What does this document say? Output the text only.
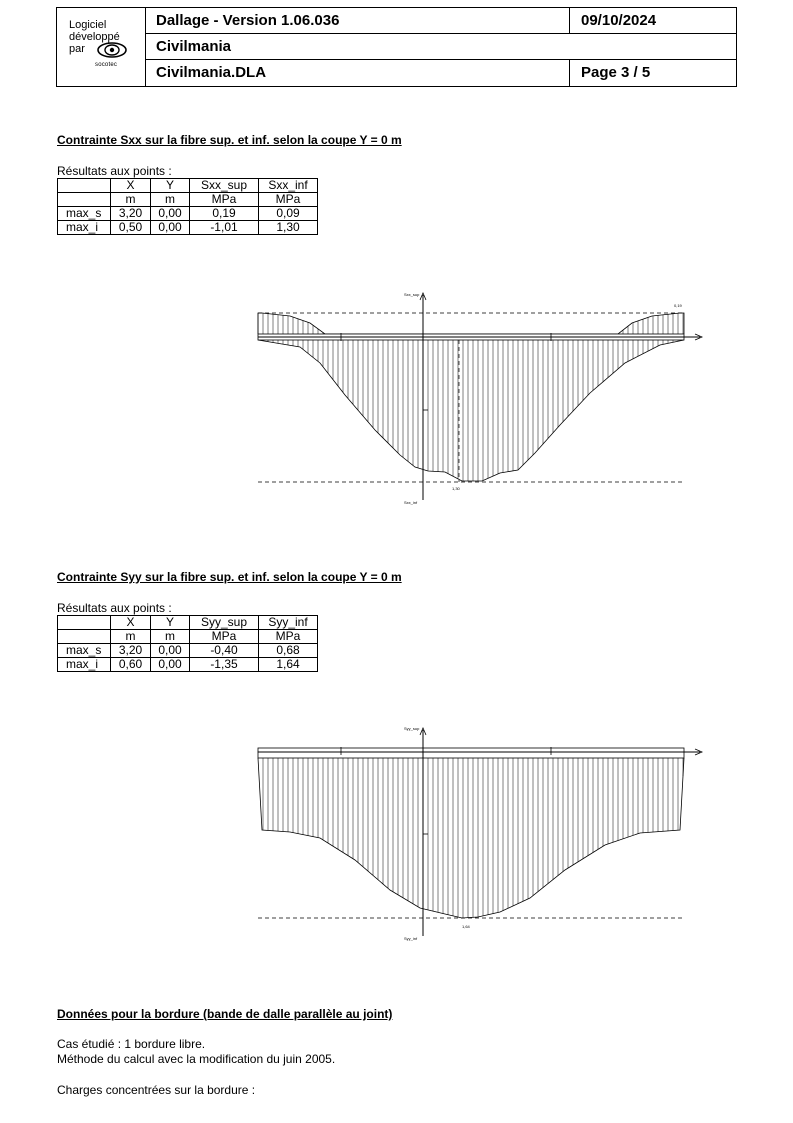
Logiciel
développé
par
socotec
Dallage - Version 1.06.036	09/10/2024
Civilmania
Civilmania.DLA	Page 3 / 5
Contrainte Sxx sur la fibre sup. et inf. selon la coupe Y = 0 m
Résultats aux points :
	X	Y	Sxx_sup	Sxx_inf
	m	m	MPa	MPa
max_s	3,20	0,00	0,19	0,09
max_i	0,50	0,00	-1,01	1,30
Sxx_sup
Sxx_inf
0,19
1,30
Contrainte Syy sur la fibre sup. et inf. selon la coupe Y = 0 m
Résultats aux points :
	X	Y	Syy_sup	Syy_inf
	m	m	MPa	MPa
max_s	3,20	0,00	-0,40	0,68
max_i	0,60	0,00	-1,35	1,64
Syy_sup
Syy_inf
1,64
Données pour la bordure (bande de dalle parallèle au joint)
Cas étudié : 1 bordure libre.
Méthode du calcul avec la modification du juin 2005.
Charges concentrées sur la bordure :
